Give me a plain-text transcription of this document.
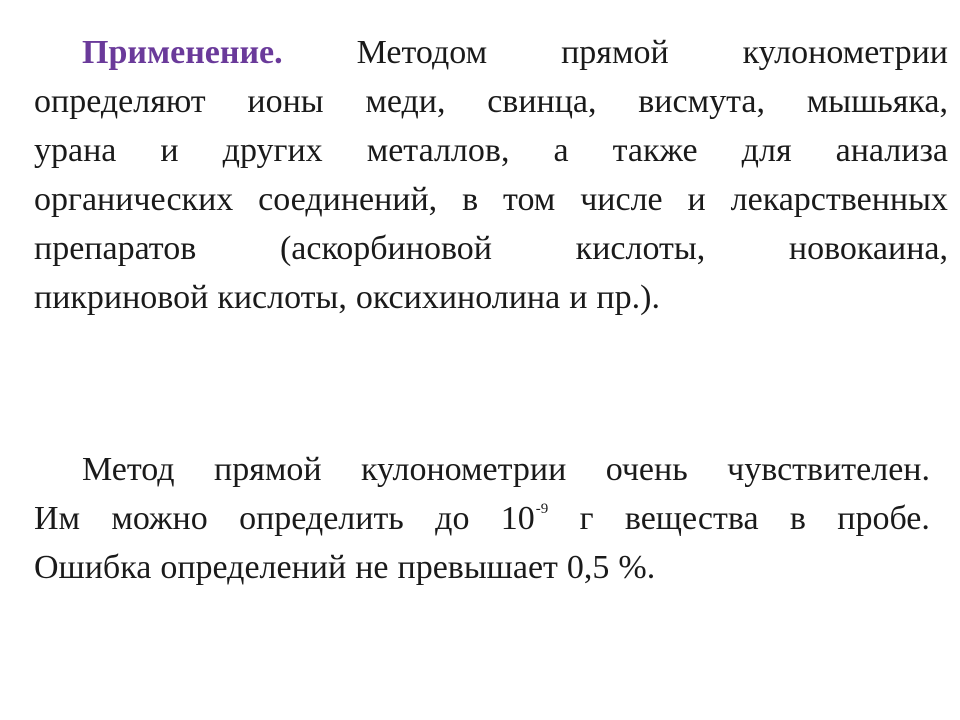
Применение. Методом прямой кулонометрии
определяют ионы меди, свинца, висмута, мышьяка,
урана и других металлов, а также для анализа
органических соединений, в том числе и лекарственных
препаратов (аскорбиновой кислоты, новокаина,
пикриновой кислоты, оксихинолина и пр.).
Метод прямой кулонометрии очень чувствителен.
Им можно определить до $10^{-9}$ г вещества в пробе.
Ошибка определений не превышает 0,5 %.
